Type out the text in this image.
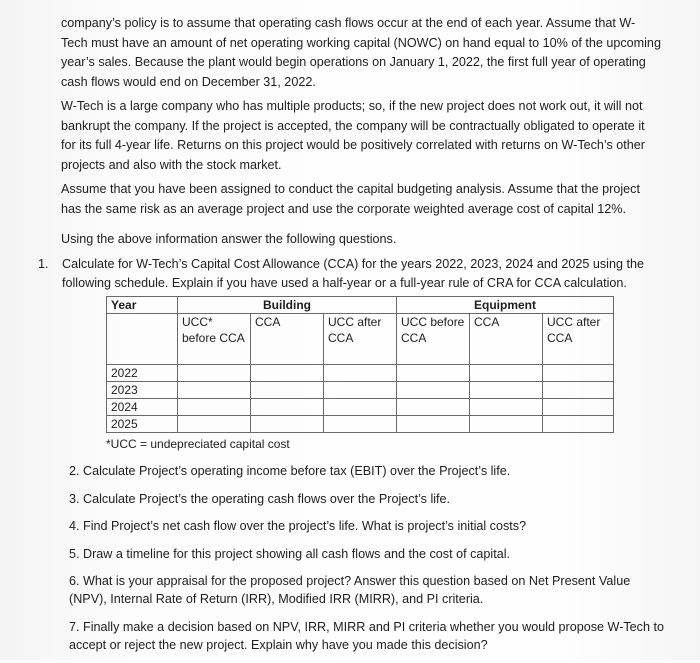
company’s policy is to assume that operating cash flows occur at the end of each year. Assume that W-Tech must have an amount of net operating working capital (NOWC) on hand equal to 10% of the upcoming year’s sales. Because the plant would begin operations on January 1, 2022, the first full year of operating cash flows would end on December 31, 2022.

W-Tech is a large company who has multiple products; so, if the new project does not work out, it will not bankrupt the company. If the project is accepted, the company will be contractually obligated to operate it for its full 4-year life. Returns on this project would be positively correlated with returns on W-Tech’s other projects and also with the stock market.

Assume that you have been assigned to conduct the capital budgeting analysis. Assume that the project has the same risk as an average project and use the corporate weighted average cost of capital 12%.

Using the above information answer the following questions.

1. Calculate for W-Tech’s Capital Cost Allowance (CCA) for the years 2022, 2023, 2024 and 2025 using the following schedule. Explain if you have used a half-year or a full-year rule of CRA for CCA calculation.
Year	Building			Equipment		
	UCC* before CCA	CCA	UCC after CCA	UCC before CCA	CCA	UCC after CCA
2022						
2023						
2024						
2025						
*UCC = undepreciated capital cost
2. Calculate Project’s operating income before tax (EBIT) over the Project’s life.
3. Calculate Project’s the operating cash flows over the Project’s life.
4. Find Project’s net cash flow over the project’s life. What is project’s initial costs?
5. Draw a timeline for this project showing all cash flows and the cost of capital.
6. What is your appraisal for the proposed project? Answer this question based on Net Present Value (NPV), Internal Rate of Return (IRR), Modified IRR (MIRR), and PI criteria.
7. Finally make a decision based on NPV, IRR, MIRR and PI criteria whether you would propose W-Tech to accept or reject the new project. Explain why have you made this decision?
